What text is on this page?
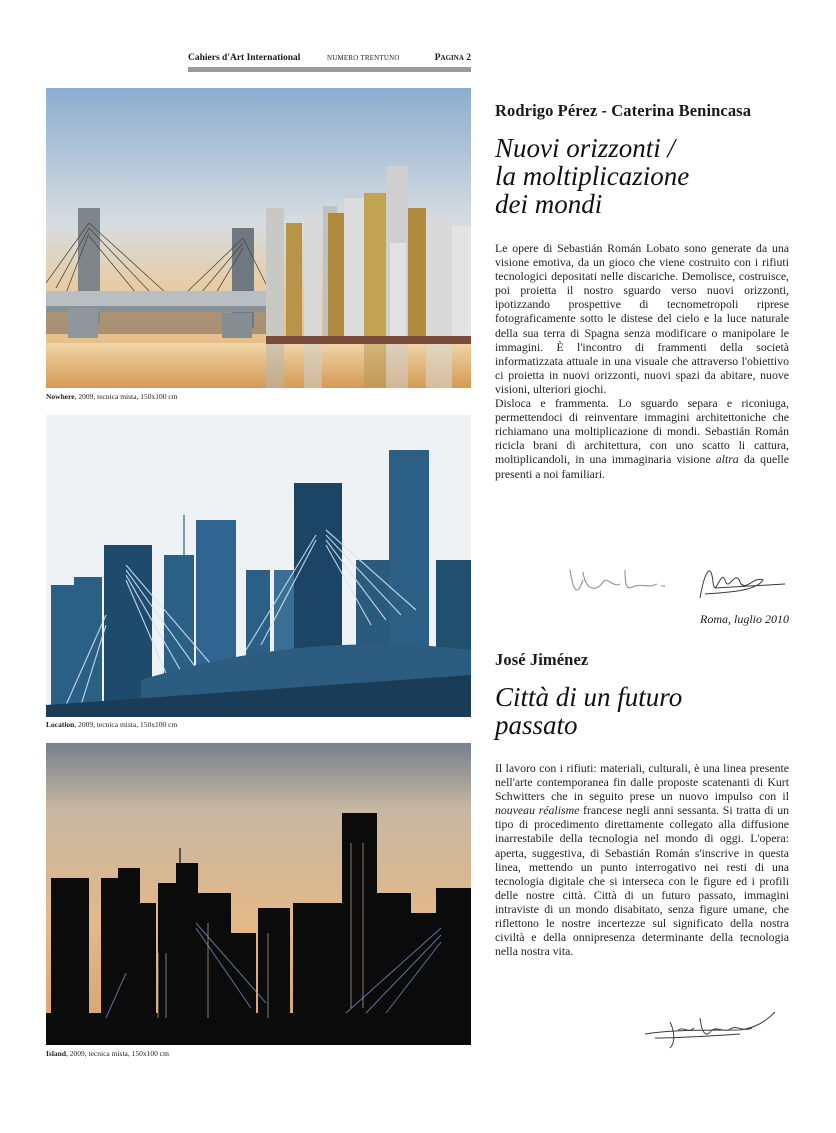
Cahiers d'Art International	NUMERO TRENTUNO	Pagina 2
Nowhere, 2009, tecnica mista, 150x100 cm
Location, 2009, tecnica mista, 150x100 cm
Island, 2009, tecnica mista, 150x100 cm
Rodrigo Pérez - Caterina Benincasa
Nuovi orizzonti /
la moltiplicazione
dei mondi

Le opere di Sebastián Román Lobato sono generate da una visione emotiva, da un gioco che viene costruito con i rifiuti tecnologici depositati nelle discariche. Demolisce, costruisce, poi proietta il nostro sguardo verso nuovi orizzonti, ipotizzando prospettive di tecnometropoli riprese fotograficamente sotto le distese del cielo e la luce naturale della sua terra di Spagna senza modificare o manipolare le immagini. È l'incontro di frammenti della società informatizzata attuale in una visuale che attraverso l'obiettivo ci proietta in nuovi orizzonti, nuovi spazi da abitare, nuove visioni, ulteriori giochi.

Disloca e frammenta. Lo sguardo separa e riconiuga, permettendoci di reinventare immagini architettoniche che richiamano una moltiplicazione di mondi. Sebastián Román ricicla brani di architettura, con uno scatto li cattura, moltiplicandoli, in una immaginaria visione altra da quelle presenti a noi familiari.

Roma, luglio 2010
José Jiménez
Città di un futuro
passato

Il lavoro con i rifiuti: materiali, culturali, è una linea presente nell'arte contemporanea fin dalle proposte scatenanti di Kurt Schwitters che in seguito prese un nuovo impulso con il nouveau réalisme francese negli anni sessanta. Si tratta di un tipo di procedimento direttamente collegato alla diffusione inarrestabile della tecnologia nel mondo di oggi. L'opera: aperta, suggestiva, di Sebastián Román s'inscrive in questa linea, mettendo un punto interrogativo nei resti di una tecnologia digitale che si interseca con le figure ed i profili delle nostre città. Città di un futuro passato, immagini intraviste di un mondo disabitato, senza figure umane, che riflettono le nostre incertezze sul significato della nostra civiltà e della onnipresenza determinante della tecnologia nella nostra vita.
